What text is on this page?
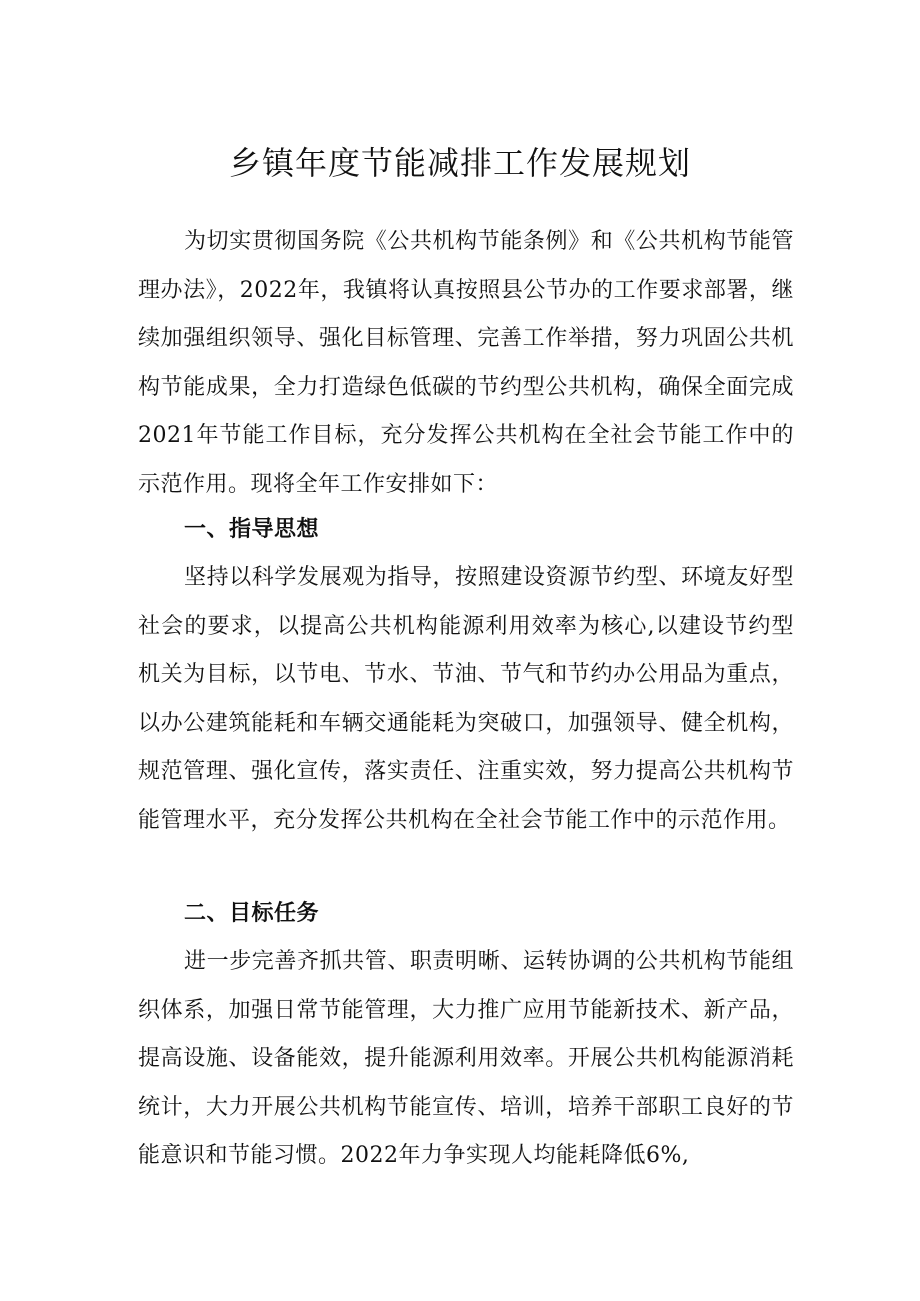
乡镇年度节能减排工作发展规划

为切实贯彻国务院《公共机构节能条例》和《公共机构节能管理办法》，2022年，我镇将认真按照县公节办的工作要求部署，继续加强组织领导、强化目标管理、完善工作举措，努力巩固公共机构节能成果，全力打造绿色低碳的节约型公共机构，确保全面完成2021年节能工作目标，充分发挥公共机构在全社会节能工作中的示范作用。现将全年工作安排如下：

一、指导思想

坚持以科学发展观为指导，按照建设资源节约型、环境友好型社会的要求，以提高公共机构能源利用效率为核心,以建设节约型机关为目标，以节电、节水、节油、节气和节约办公用品为重点，以办公建筑能耗和车辆交通能耗为突破口，加强领导、健全机构，规范管理、强化宣传，落实责任、注重实效，努力提高公共机构节能管理水平，充分发挥公共机构在全社会节能工作中的示范作用。

二、目标任务

进一步完善齐抓共管、职责明晰、运转协调的公共机构节能组织体系，加强日常节能管理，大力推广应用节能新技术、新产品，提高设施、设备能效，提升能源利用效率。开展公共机构能源消耗统计，大力开展公共机构节能宣传、培训，培养干部职工良好的节能意识和节能习惯。2022年力争实现人均能耗降低6%,
